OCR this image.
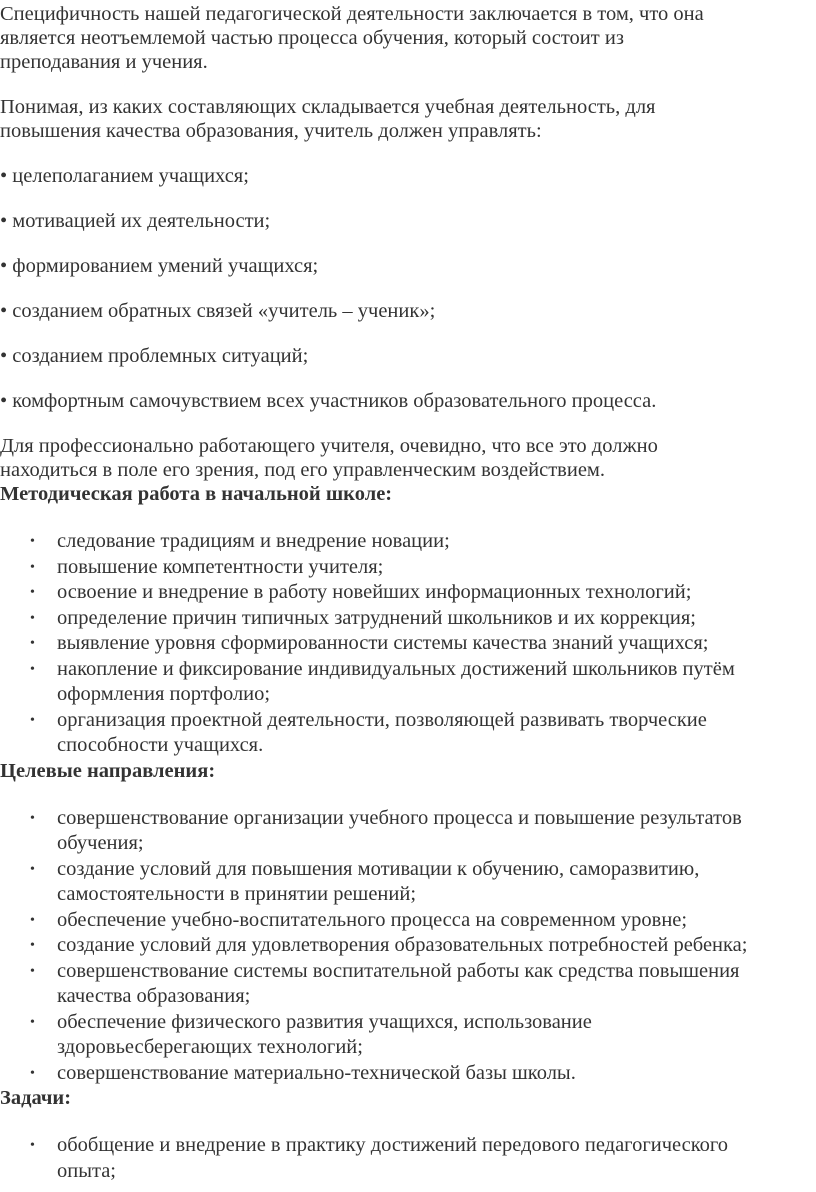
Специфичность нашей педагогической деятельности заключается в том, что она
является неотъемлемой частью процесса обучения, который состоит из
преподавания и учения.
Понимая, из каких составляющих складывается учебная деятельность, для
повышения качества образования, учитель должен управлять:
• целеполаганием учащихся;
• мотивацией их деятельности;
• формированием умений учащихся;
• созданием обратных связей «учитель – ученик»;
• созданием проблемных ситуаций;
• комфортным самочувствием всех участников образовательного процесса.
Для профессионально работающего учителя, очевидно, что все это должно
находиться в поле его зрения, под его управленческим воздействием.
Методическая работа в начальной школе:
• следование традициям и внедрение новации;
• повышение компетентности учителя;
• освоение и внедрение в работу новейших информационных технологий;
• определение причин типичных затруднений школьников и их коррекция;
• выявление уровня сформированности системы качества знаний учащихся;
• накопление и фиксирование индивидуальных достижений школьников путём
оформления портфолио;
• организация проектной деятельности, позволяющей развивать творческие
способности учащихся.
Целевые направления:
• совершенствование организации учебного процесса и повышение результатов
обучения;
• создание условий для повышения мотивации к обучению, саморазвитию,
самостоятельности в принятии решений;
• обеспечение учебно-воспитательного процесса на современном уровне;
• создание условий для удовлетворения образовательных потребностей ребенка;
• совершенствование системы воспитательной работы как средства повышения
качества образования;
• обеспечение физического развития учащихся, использование
здоровьесберегающих технологий;
• совершенствование материально-технической базы школы.
Задачи:
• обобщение и внедрение в практику достижений передового педагогического
опыта;
